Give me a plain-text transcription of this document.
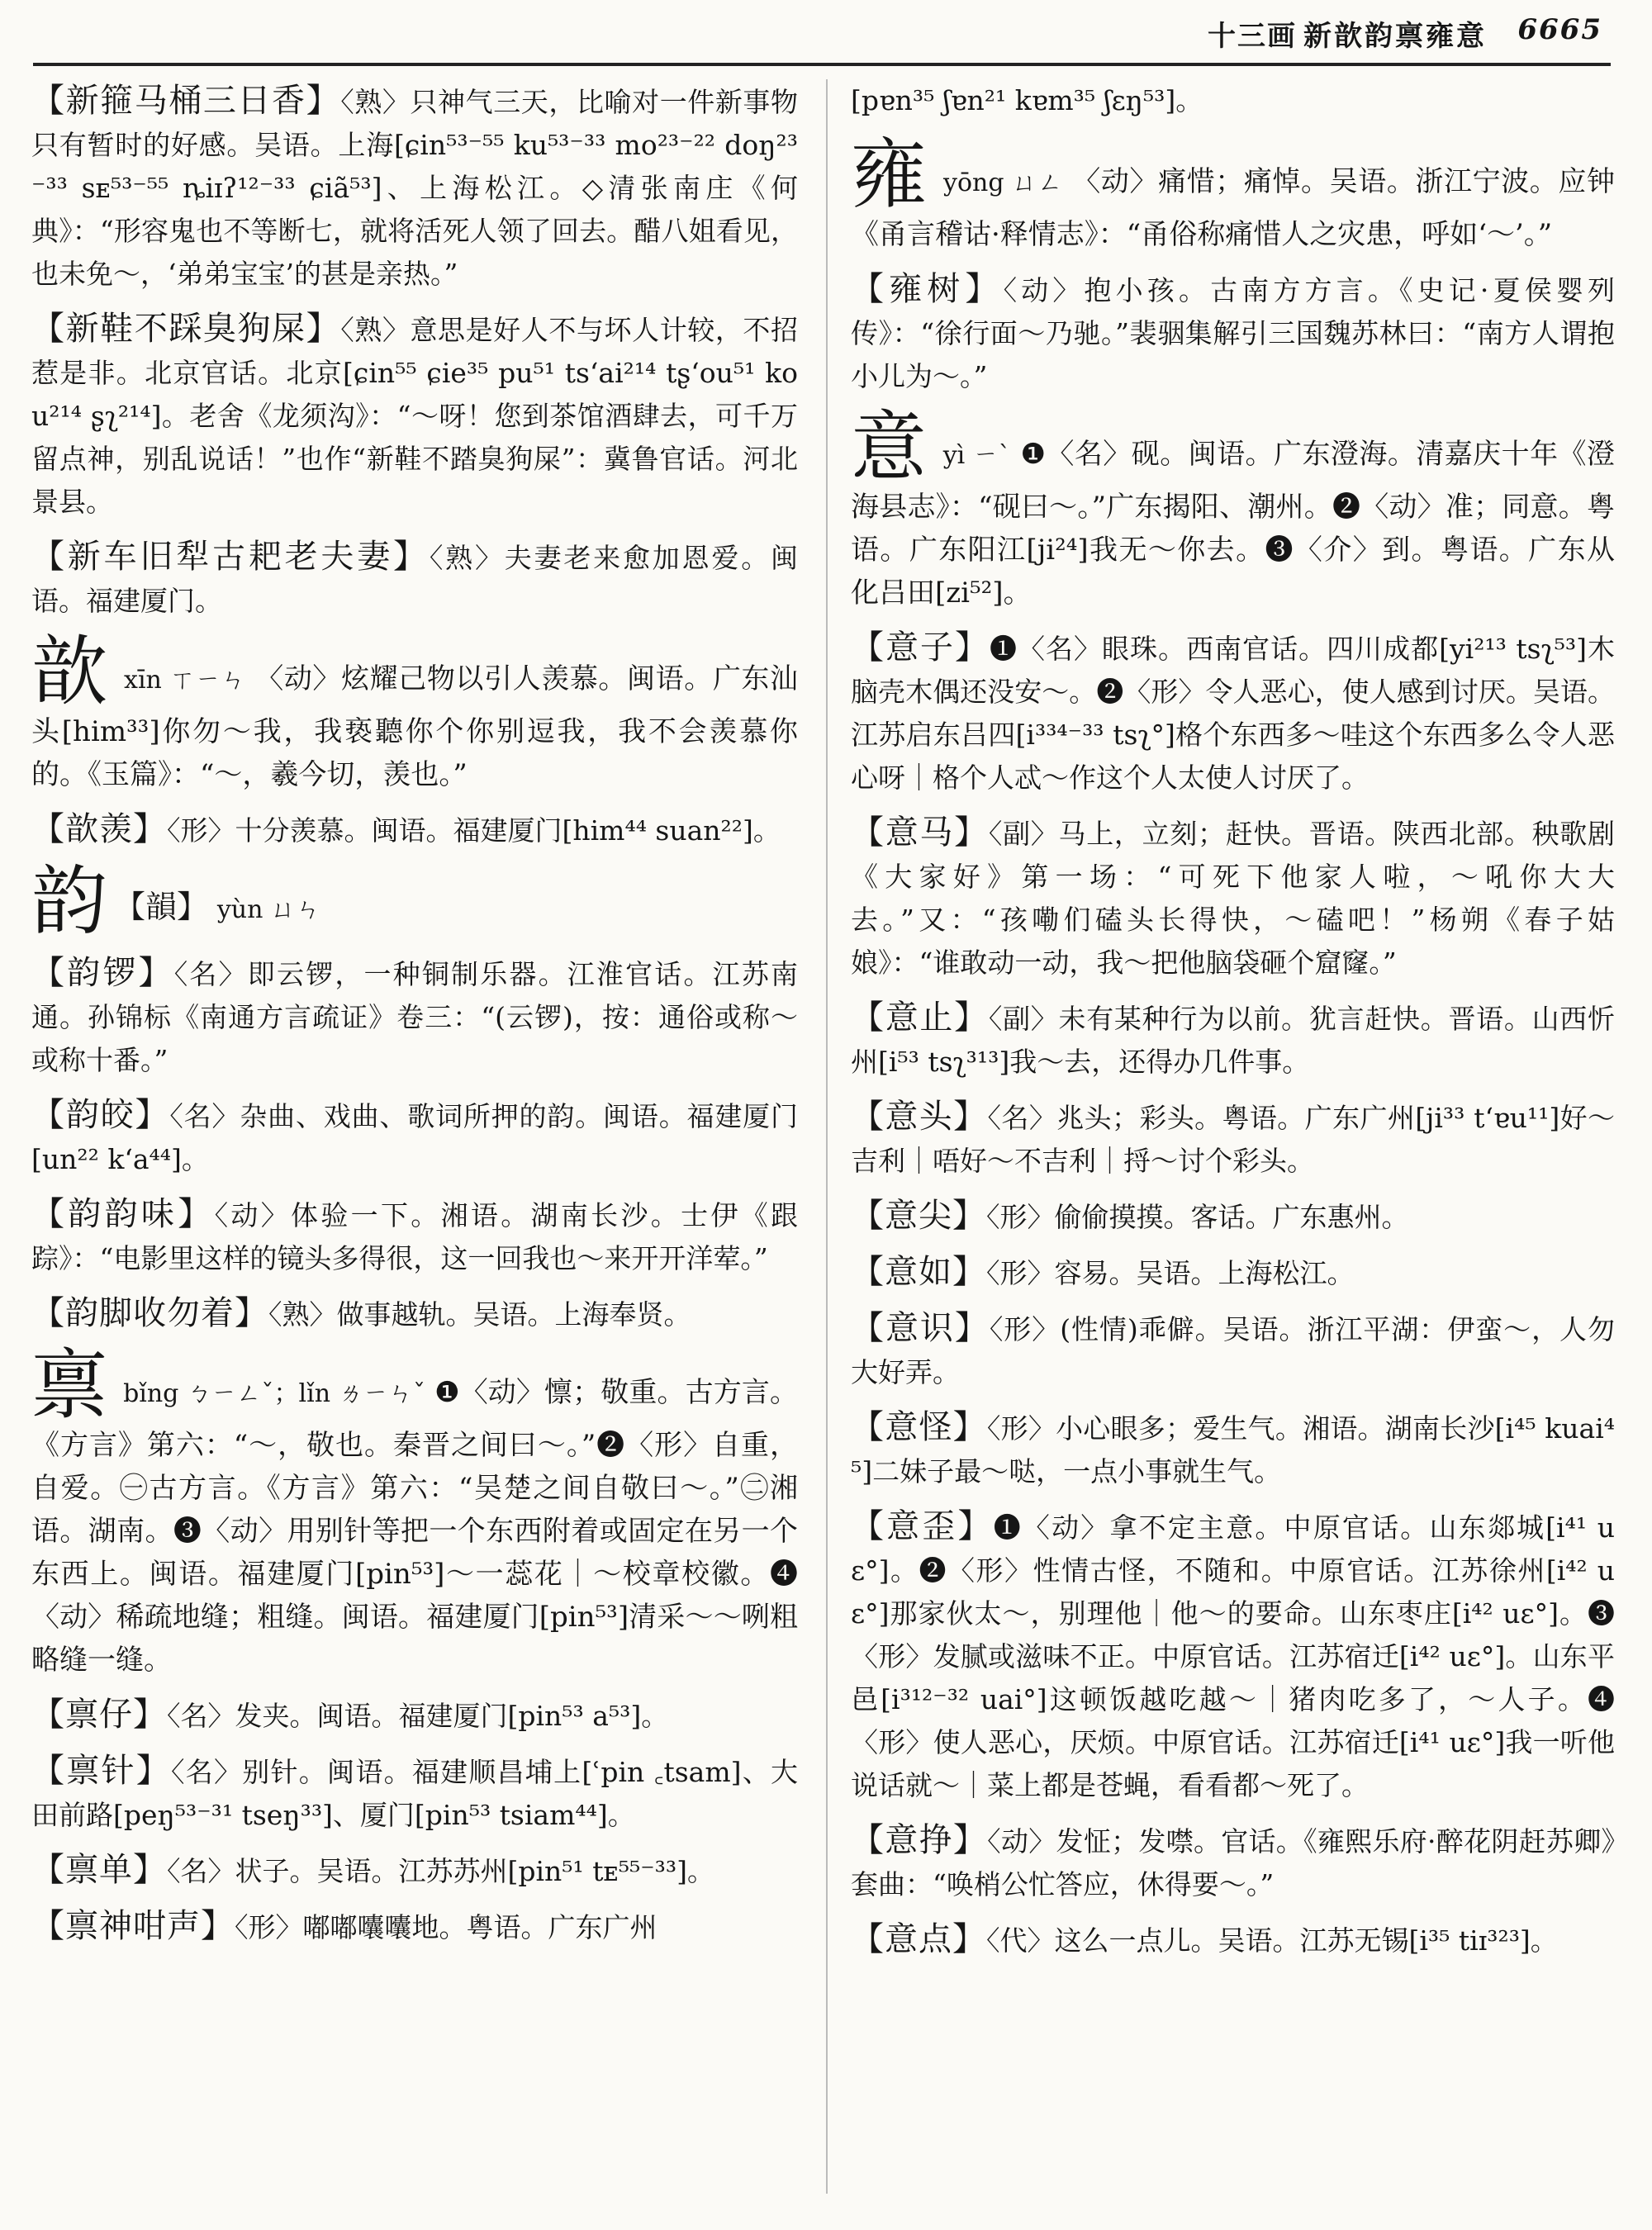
十三画 新歆韵禀雍意 6665
【新箍马桶三日香】〈熟〉只神气三天，比喻对一件新事物只有暂时的好感。吴语。上海[ɕin⁵³⁻⁵⁵ ku⁵³⁻³³ mo²³⁻²² doŋ²³⁻³³ sᴇ⁵³⁻⁵⁵ ȵiɪʔ¹²⁻³³ ɕiã⁵³]、上海松江。◇清张南庄《何典》：“形容鬼也不等断七，就将活死人领了回去。醋八姐看见，也未免～，‘弟弟宝宝’的甚是亲热。”
【新鞋不踩臭狗屎】〈熟〉意思是好人不与坏人计较，不招惹是非。北京官话。北京[ɕin⁵⁵ ɕie³⁵ pu⁵¹ tsʻai²¹⁴ tʂʻou⁵¹ kou²¹⁴ ʂʅ²¹⁴]。老舍《龙须沟》：“～呀！您到茶馆酒肆去，可千万留点神，别乱说话！”也作“新鞋不踏臭狗屎”：冀鲁官话。河北景县。
【新车旧犁古耙老夫妻】〈熟〉夫妻老来愈加恩爱。闽语。福建厦门。
歆 xīn ㄒㄧㄣ 〈动〉炫耀己物以引人羡慕。闽语。广东汕头[him³³]你勿～我，我亵聽你个你别逗我，我不会羡慕你的。《玉篇》：“～，羲今切，羡也。”
【歆羡】〈形〉十分羡慕。闽语。福建厦门[him⁴⁴ suan²²]。
韵 【韻】 yùn ㄩㄣ
【韵锣】〈名〉即云锣，一种铜制乐器。江淮官话。江苏南通。孙锦标《南通方言疏证》卷三：“(云锣)，按：通俗或称～或称十番。”
【韵皎】〈名〉杂曲、戏曲、歌词所押的韵。闽语。福建厦门[un²² kʻa⁴⁴]。
【韵韵味】〈动〉体验一下。湘语。湖南长沙。士伊《跟踪》：“电影里这样的镜头多得很，这一回我也～来开开洋荤。”
【韵脚收勿着】〈熟〉做事越轨。吴语。上海奉贤。
禀 bǐng ㄅㄧㄥˇ；lǐn ㄌㄧㄣˇ ❶〈动〉懔；敬重。古方言。《方言》第六：“～，敬也。秦晋之间曰～。”❷〈形〉自重，自爱。㊀古方言。《方言》第六：“吴楚之间自敬曰～。”㊁湘语。湖南。❸〈动〉用别针等把一个东西附着或固定在另一个东西上。闽语。福建厦门[pin⁵³]～一蕊花｜～校章校徽。❹〈动〉稀疏地缝；粗缝。闽语。福建厦门[pin⁵³]清采～～咧粗略缝一缝。
【禀仔】〈名〉发夹。闽语。福建厦门[pin⁵³ a⁵³]。
【禀针】〈名〉别针。闽语。福建顺昌埔上[ʿpin ꜀tsam]、大田前路[peŋ⁵³⁻³¹ tseŋ³³]、厦门[pin⁵³ tsiam⁴⁴]。
【禀单】〈名〉状子。吴语。江苏苏州[pin⁵¹ tᴇ⁵⁵⁻³³]。
【禀神咁声】〈形〉嘟嘟囔囔地。粤语。广东广州
[pɐn³⁵ ʃɐn²¹ kɐm³⁵ ʃɛŋ⁵³]。
雍 yōng ㄩㄥ 〈动〉痛惜；痛悼。吴语。浙江宁波。应钟《甬言稽诂·释情志》：“甬俗称痛惜人之灾患，呼如‘～’。”
【雍树】〈动〉抱小孩。古南方方言。《史记·夏侯婴列传》：“徐行面～乃驰。”裴骃集解引三国魏苏林曰：“南方人谓抱小儿为～。”
意 yì ㄧˋ ❶〈名〉砚。闽语。广东澄海。清嘉庆十年《澄海县志》：“砚曰～。”广东揭阳、潮州。❷〈动〉准；同意。粤语。广东阳江[ji²⁴]我无～你去。❸〈介〉到。粤语。广东从化吕田[zi⁵²]。
【意子】❶〈名〉眼珠。西南官话。四川成都[yi²¹³ tsʅ⁵³]木脑壳木偶还没安～。❷〈形〉令人恶心，使人感到讨厌。吴语。江苏启东吕四[i³³⁴⁻³³ tsʅ°]格个东西多～哇这个东西多么令人恶心呀｜格个人忒～作这个人太使人讨厌了。
【意马】〈副〉马上，立刻；赶快。晋语。陕西北部。秧歌剧《大家好》第一场：“可死下他家人啦，～吼你大大去。”又：“孩嘞们磕头长得快，～磕吧！”杨朔《春子姑娘》：“谁敢动一动，我～把他脑袋砸个窟窿。”
【意止】〈副〉未有某种行为以前。犹言赶快。晋语。山西忻州[i⁵³ tsʅ³¹³]我～去，还得办几件事。
【意头】〈名〉兆头；彩头。粤语。广东广州[ji³³ tʻɐu¹¹]好～吉利｜唔好～不吉利｜捋～讨个彩头。
【意尖】〈形〉偷偷摸摸。客话。广东惠州。
【意如】〈形〉容易。吴语。上海松江。
【意识】〈形〉(性情)乖僻。吴语。浙江平湖：伊蛮～，人勿大好弄。
【意怪】〈形〉小心眼多；爱生气。湘语。湖南长沙[i⁴⁵ kuai⁴⁵]二妹子最～哒，一点小事就生气。
【意歪】❶〈动〉拿不定主意。中原官话。山东郯城[i⁴¹ uɛ°]。❷〈形〉性情古怪，不随和。中原官话。江苏徐州[i⁴² uɛ°]那家伙太～，别理他｜他～的要命。山东枣庄[i⁴² uɛ°]。❸〈形〉发腻或滋味不正。中原官话。江苏宿迁[i⁴² uɛ°]。山东平邑[i³¹²⁻³² uai°]这顿饭越吃越～｜猪肉吃多了，～人子。❹〈形〉使人恶心，厌烦。中原官话。江苏宿迁[i⁴¹ uɛ°]我一听他说话就～｜菜上都是苍蝇，看看都～死了。
【意挣】〈动〉发怔；发噤。官话。《雍熙乐府·醉花阴赶苏卿》套曲：“唤梢公忙答应，休得要～。”
【意点】〈代〉这么一点儿。吴语。江苏无锡[i³⁵ tiɪ³²³]。
